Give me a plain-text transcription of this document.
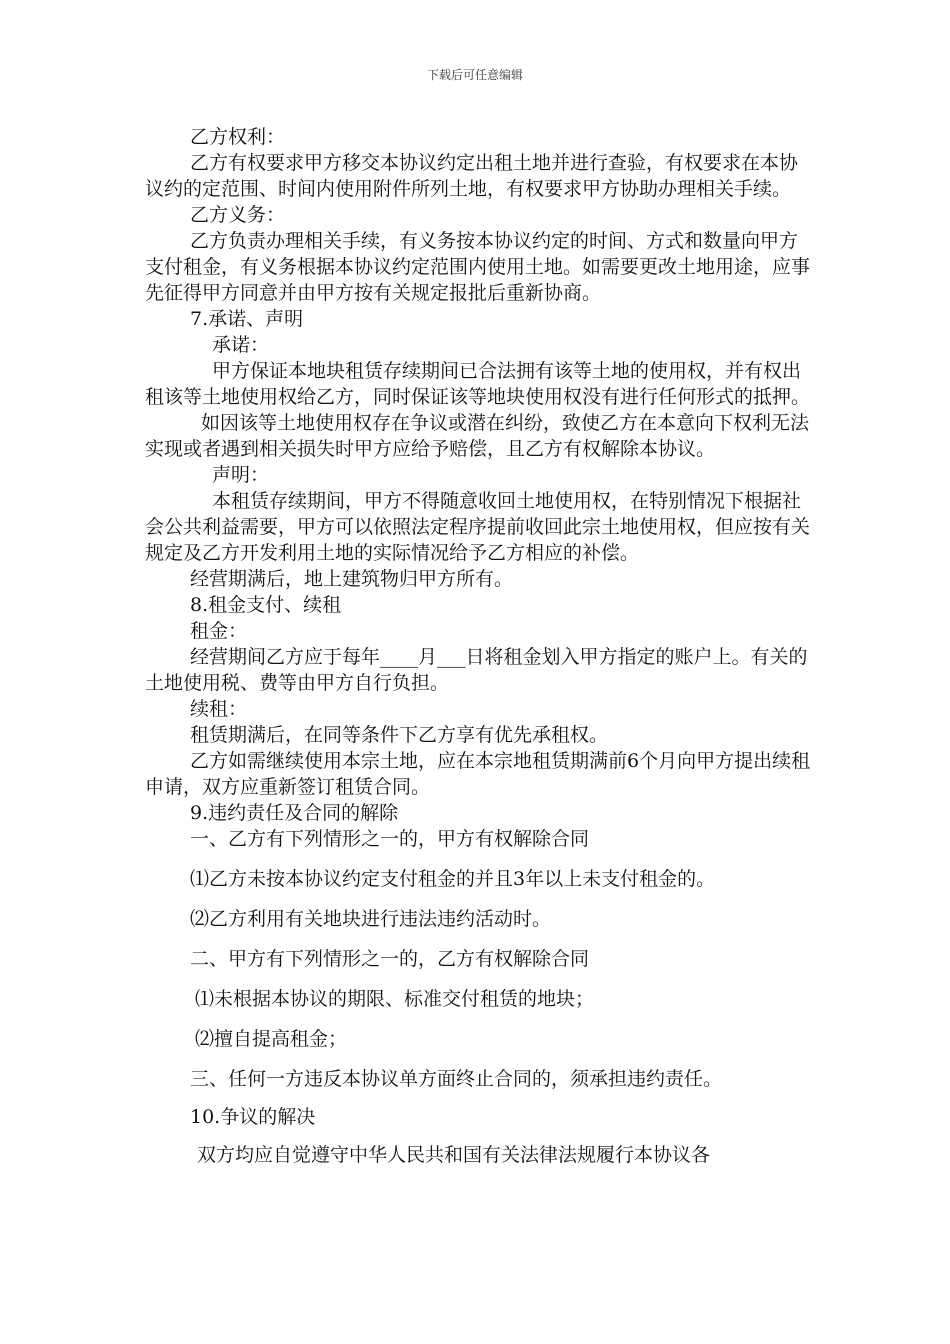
下载后可任意编辑

乙方权利：

乙方有权要求甲方移交本协议约定出租土地并进行查验，有权要求在本协议约的定范围、时间内使用附件所列土地，有权要求甲方协助办理相关手续。

乙方义务：

乙方负责办理相关手续，有义务按本协议约定的时间、方式和数量向甲方支付租金，有义务根据本协议约定范围内使用土地。如需要更改土地用途，应事先征得甲方同意并由甲方按有关规定报批后重新协商。

7.承诺、声明

承诺：

甲方保证本地块租赁存续期间已合法拥有该等土地的使用权，并有权出租该等土地使用权给乙方，同时保证该等地块使用权没有进行任何形式的抵押。

如因该等土地使用权存在争议或潜在纠纷，致使乙方在本意向下权利无法实现或者遇到相关损失时甲方应给予赔偿，且乙方有权解除本协议。

声明：

本租赁存续期间，甲方不得随意收回土地使用权，在特别情况下根据社会公共利益需要，甲方可以依照法定程序提前收回此宗土地使用权，但应按有关规定及乙方开发利用土地的实际情况给予乙方相应的补偿。

经营期满后，地上建筑物归甲方所有。

8.租金支付、续租

租金：

经营期间乙方应于每年____月___日将租金划入甲方指定的账户上。有关的土地使用税、费等由甲方自行负担。

续租：

租赁期满后，在同等条件下乙方享有优先承租权。

乙方如需继续使用本宗土地，应在本宗地租赁期满前6个月向甲方提出续租申请，双方应重新签订租赁合同。

9.违约责任及合同的解除

一、乙方有下列情形之一的，甲方有权解除合同

⑴乙方未按本协议约定支付租金的并且3年以上未支付租金的。

⑵乙方利用有关地块进行违法违约活动时。

二、甲方有下列情形之一的，乙方有权解除合同

⑴未根据本协议的期限、标准交付租赁的地块；

⑵擅自提高租金；

三、任何一方违反本协议单方面终止合同的，须承担违约责任。

10.争议的解决

双方均应自觉遵守中华人民共和国有关法律法规履行本协议各
